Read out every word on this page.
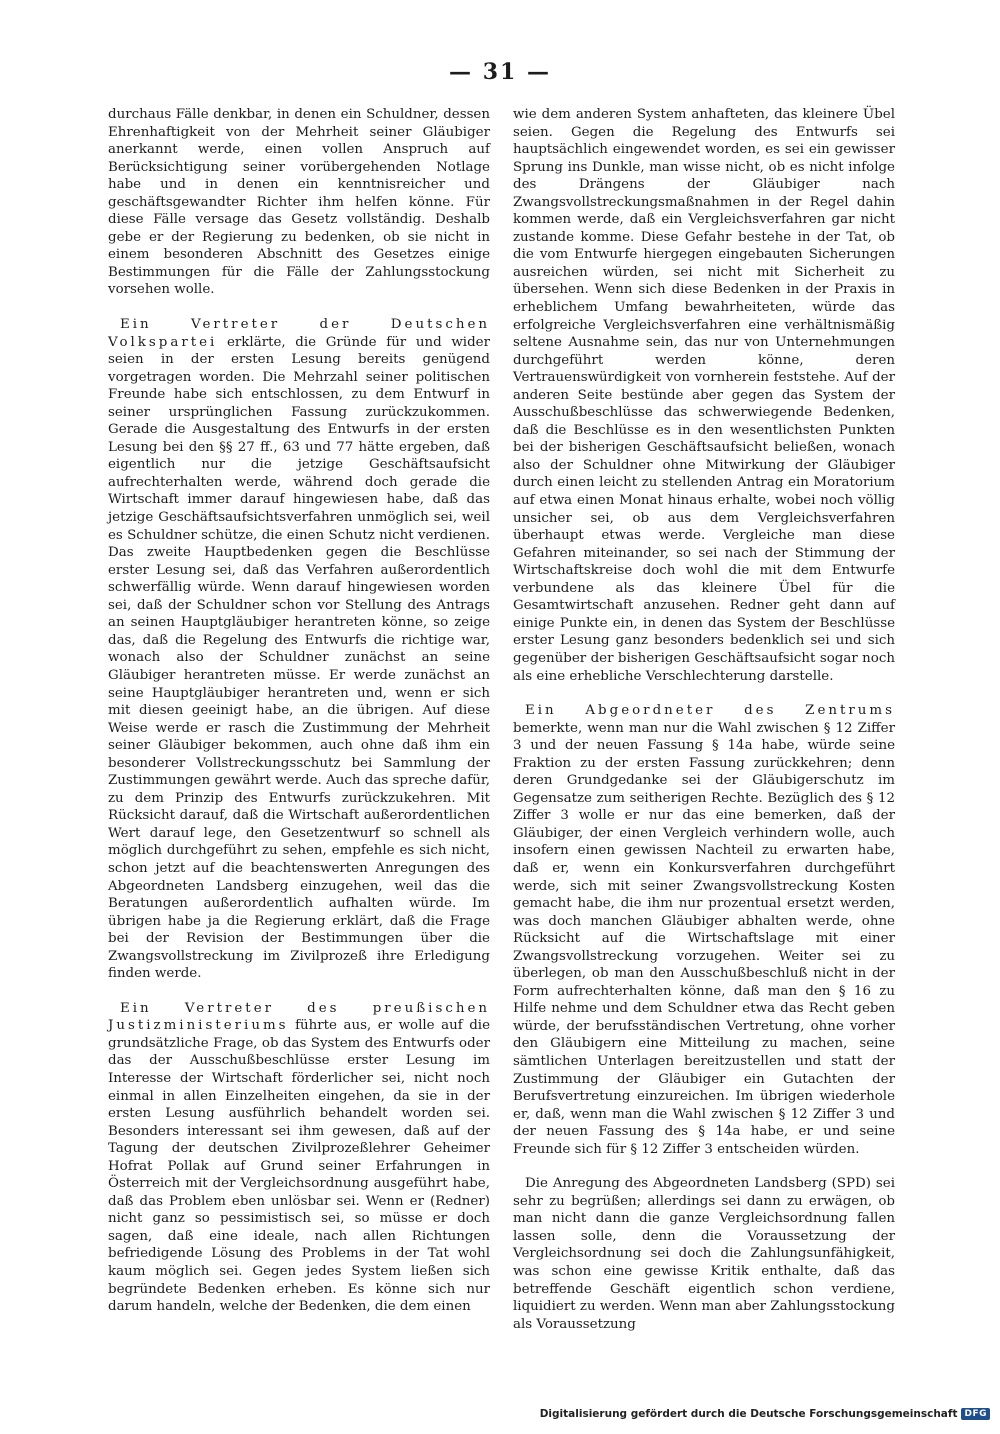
— 31 —

durchaus Fälle denkbar, in denen ein Schuldner, dessen Ehrenhaftigkeit von der Mehrheit seiner Gläubiger anerkannt werde, einen vollen Anspruch auf Berücksichtigung seiner vorübergehenden Notlage habe und in denen ein kenntnisreicher und geschäftsgewandter Richter ihm helfen könne. Für diese Fälle versage das Gesetz vollständig. Deshalb gebe er der Regierung zu bedenken, ob sie nicht in einem besonderen Abschnitt des Gesetzes einige Bestimmungen für die Fälle der Zahlungsstockung vorsehen wolle.

Ein Vertreter der Deutschen Volkspartei erklärte, die Gründe für und wider seien in der ersten Lesung bereits genügend vorgetragen worden. Die Mehrzahl seiner politischen Freunde habe sich entschlossen, zu dem Entwurf in seiner ursprünglichen Fassung zurückzukommen. Gerade die Ausgestaltung des Entwurfs in der ersten Lesung bei den §§ 27 ff., 63 und 77 hätte ergeben, daß eigentlich nur die jetzige Geschäftsaufsicht aufrechterhalten werde, während doch gerade die Wirtschaft immer darauf hingewiesen habe, daß das jetzige Geschäftsaufsichtsverfahren unmöglich sei, weil es Schuldner schütze, die einen Schutz nicht verdienen. Das zweite Hauptbedenken gegen die Beschlüsse erster Lesung sei, daß das Verfahren außerordentlich schwerfällig würde. Wenn darauf hingewiesen worden sei, daß der Schuldner schon vor Stellung des Antrags an seinen Hauptgläubiger herantreten könne, so zeige das, daß die Regelung des Entwurfs die richtige war, wonach also der Schuldner zunächst an seine Gläubiger herantreten müsse. Er werde zunächst an seine Hauptgläubiger herantreten und, wenn er sich mit diesen geeinigt habe, an die übrigen. Auf diese Weise werde er rasch die Zustimmung der Mehrheit seiner Gläubiger bekommen, auch ohne daß ihm ein besonderer Vollstreckungsschutz bei Sammlung der Zustimmungen gewährt werde. Auch das spreche dafür, zu dem Prinzip des Entwurfs zurückzukehren. Mit Rücksicht darauf, daß die Wirtschaft außerordentlichen Wert darauf lege, den Gesetzentwurf so schnell als möglich durchgeführt zu sehen, empfehle es sich nicht, schon jetzt auf die beachtenswerten Anregungen des Abgeordneten Landsberg einzugehen, weil das die Beratungen außerordentlich aufhalten würde. Im übrigen habe ja die Regierung erklärt, daß die Frage bei der Revision der Bestimmungen über die Zwangsvollstreckung im Zivilprozeß ihre Erledigung finden werde.

Ein Vertreter des preußischen Justizministeriums führte aus, er wolle auf die grundsätzliche Frage, ob das System des Entwurfs oder das der Ausschußbeschlüsse erster Lesung im Interesse der Wirtschaft förderlicher sei, nicht noch einmal in allen Einzelheiten eingehen, da sie in der ersten Lesung ausführlich behandelt worden sei. Besonders interessant sei ihm gewesen, daß auf der Tagung der deutschen Zivilprozeßlehrer Geheimer Hofrat Pollak auf Grund seiner Erfahrungen in Österreich mit der Vergleichsordnung ausgeführt habe, daß das Problem eben unlösbar sei. Wenn er (Redner) nicht ganz so pessimistisch sei, so müsse er doch sagen, daß eine ideale, nach allen Richtungen befriedigende Lösung des Problems in der Tat wohl kaum möglich sei. Gegen jedes System ließen sich begründete Bedenken erheben. Es könne sich nur darum handeln, welche der Bedenken, die dem einen

wie dem anderen System anhafteten, das kleinere Übel seien. Gegen die Regelung des Entwurfs sei hauptsächlich eingewendet worden, es sei ein gewisser Sprung ins Dunkle, man wisse nicht, ob es nicht infolge des Drängens der Gläubiger nach Zwangsvollstreckungsmaßnahmen in der Regel dahin kommen werde, daß ein Vergleichsverfahren gar nicht zustande komme. Diese Gefahr bestehe in der Tat, ob die vom Entwurfe hiergegen eingebauten Sicherungen ausreichen würden, sei nicht mit Sicherheit zu übersehen. Wenn sich diese Bedenken in der Praxis in erheblichem Umfang bewahrheiteten, würde das erfolgreiche Vergleichsverfahren eine verhältnismäßig seltene Ausnahme sein, das nur von Unternehmungen durchgeführt werden könne, deren Vertrauenswürdigkeit von vornherein feststehe. Auf der anderen Seite bestünde aber gegen das System der Ausschußbeschlüsse das schwerwiegende Bedenken, daß die Beschlüsse es in den wesentlichsten Punkten bei der bisherigen Geschäftsaufsicht beließen, wonach also der Schuldner ohne Mitwirkung der Gläubiger durch einen leicht zu stellenden Antrag ein Moratorium auf etwa einen Monat hinaus erhalte, wobei noch völlig unsicher sei, ob aus dem Vergleichsverfahren überhaupt etwas werde. Vergleiche man diese Gefahren miteinander, so sei nach der Stimmung der Wirtschaftskreise doch wohl die mit dem Entwurfe verbundene als das kleinere Übel für die Gesamtwirtschaft anzusehen. Redner geht dann auf einige Punkte ein, in denen das System der Beschlüsse erster Lesung ganz besonders bedenklich sei und sich gegenüber der bisherigen Geschäftsaufsicht sogar noch als eine erhebliche Verschlechterung darstelle.

Ein Abgeordneter des Zentrums bemerkte, wenn man nur die Wahl zwischen § 12 Ziffer 3 und der neuen Fassung § 14a habe, würde seine Fraktion zu der ersten Fassung zurückkehren; denn deren Grundgedanke sei der Gläubigerschutz im Gegensatze zum seitherigen Rechte. Bezüglich des § 12 Ziffer 3 wolle er nur das eine bemerken, daß der Gläubiger, der einen Vergleich verhindern wolle, auch insofern einen gewissen Nachteil zu erwarten habe, daß er, wenn ein Konkursverfahren durchgeführt werde, sich mit seiner Zwangsvollstreckung Kosten gemacht habe, die ihm nur prozentual ersetzt werden, was doch manchen Gläubiger abhalten werde, ohne Rücksicht auf die Wirtschaftslage mit einer Zwangsvollstreckung vorzugehen. Weiter sei zu überlegen, ob man den Ausschußbeschluß nicht in der Form aufrechterhalten könne, daß man den § 16 zu Hilfe nehme und dem Schuldner etwa das Recht geben würde, der berufsständischen Vertretung, ohne vorher den Gläubigern eine Mitteilung zu machen, seine sämtlichen Unterlagen bereitzustellen und statt der Zustimmung der Gläubiger ein Gutachten der Berufsvertretung einzureichen. Im übrigen wiederhole er, daß, wenn man die Wahl zwischen § 12 Ziffer 3 und der neuen Fassung des § 14a habe, er und seine Freunde sich für § 12 Ziffer 3 entscheiden würden.

Die Anregung des Abgeordneten Landsberg (SPD) sei sehr zu begrüßen; allerdings sei dann zu erwägen, ob man nicht dann die ganze Vergleichsordnung fallen lassen solle, denn die Voraussetzung der Vergleichsordnung sei doch die Zahlungsunfähigkeit, was schon eine gewisse Kritik enthalte, daß das betreffende Geschäft eigentlich schon verdiene, liquidiert zu werden. Wenn man aber Zahlungsstockung als Voraussetzung

Digitalisierung gefördert durch die Deutsche Forschungsgemeinschaft DFG
